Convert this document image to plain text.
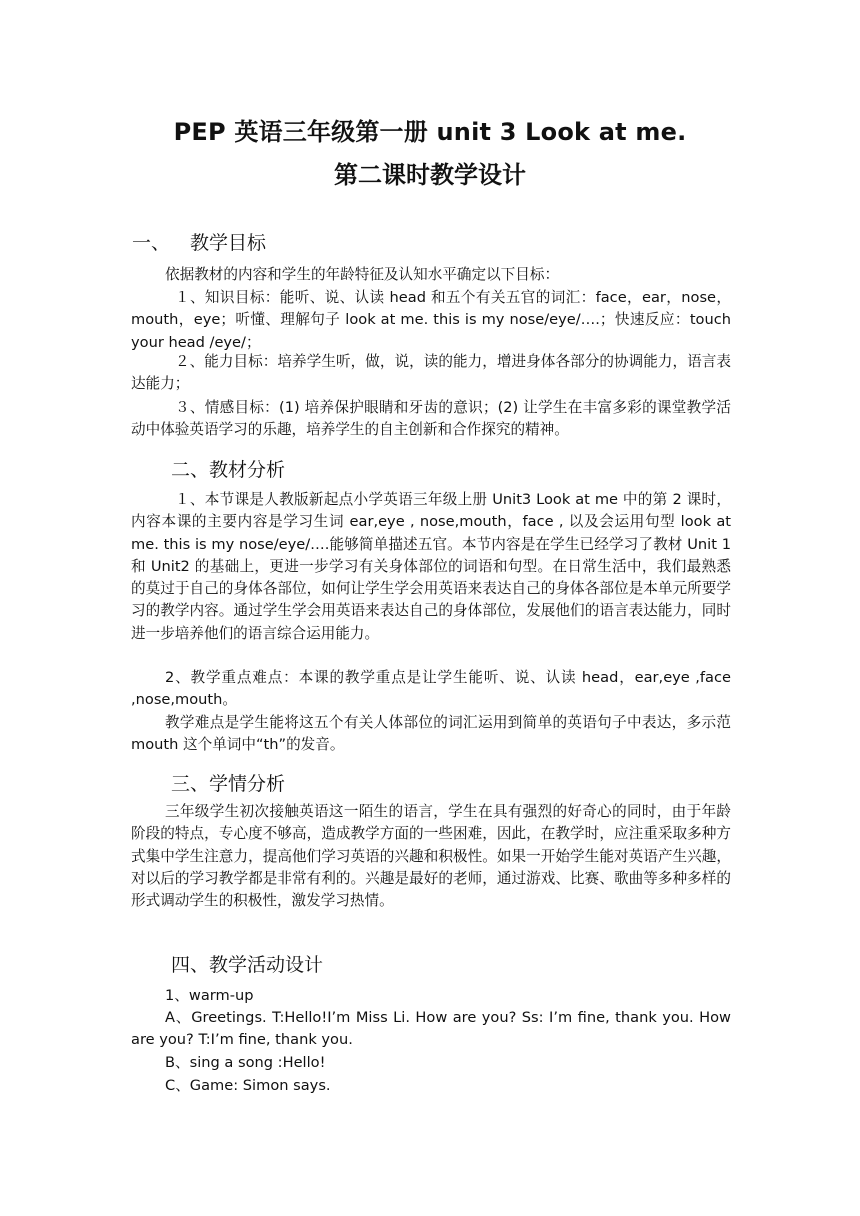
PEP 英语三年级第一册 unit 3 Look at me.
第二课时教学设计
一、 教学目标
依据教材的内容和学生的年龄特征及认知水平确定以下目标：
１、知识目标：能听、说、认读 head 和五个有关五官的词汇：face，ear，nose，mouth，eye；听懂、理解句子 look at me. this is my nose/eye/….；快速反应：touch your head /eye/；
２、能力目标：培养学生听，做，说，读的能力，增进身体各部分的协调能力，语言表达能力；
３、情感目标：(1) 培养保护眼睛和牙齿的意识；(2) 让学生在丰富多彩的课堂教学活动中体验英语学习的乐趣，培养学生的自主创新和合作探究的精神。
二、教材分析
１、本节课是人教版新起点小学英语三年级上册 Unit3 Look at me 中的第 2 课时，内容本课的主要内容是学习生词 ear,eye , nose,mouth，face , 以及会运用句型 look at me. this is my nose/eye/….能够简单描述五官。本节内容是在学生已经学习了教材 Unit 1 和 Unit2 的基础上，更进一步学习有关身体部位的词语和句型。在日常生活中，我们最熟悉的莫过于自己的身体各部位，如何让学生学会用英语来表达自己的身体各部位是本单元所要学习的教学内容。通过学生学会用英语来表达自己的身体部位，发展他们的语言表达能力，同时进一步培养他们的语言综合运用能力。
2、教学重点难点：本课的教学重点是让学生能听、说、认读 head，ear,eye ,face ,nose,mouth。
教学难点是学生能将这五个有关人体部位的词汇运用到简单的英语句子中表达，多示范 mouth 这个单词中“th”的发音。
三、学情分析
三年级学生初次接触英语这一陌生的语言，学生在具有强烈的好奇心的同时，由于年龄阶段的特点，专心度不够高，造成教学方面的一些困难，因此，在教学时，应注重采取多种方式集中学生注意力，提高他们学习英语的兴趣和积极性。如果一开始学生能对英语产生兴趣，对以后的学习教学都是非常有利的。兴趣是最好的老师，通过游戏、比赛、歌曲等多种多样的形式调动学生的积极性，激发学习热情。
四、教学活动设计
1、warm-up
A、Greetings. T:Hello!I’m Miss Li. How are you? Ss: I’m fine, thank you. How are you? T:I’m fine, thank you.
B、sing a song :Hello!
C、Game: Simon says.
